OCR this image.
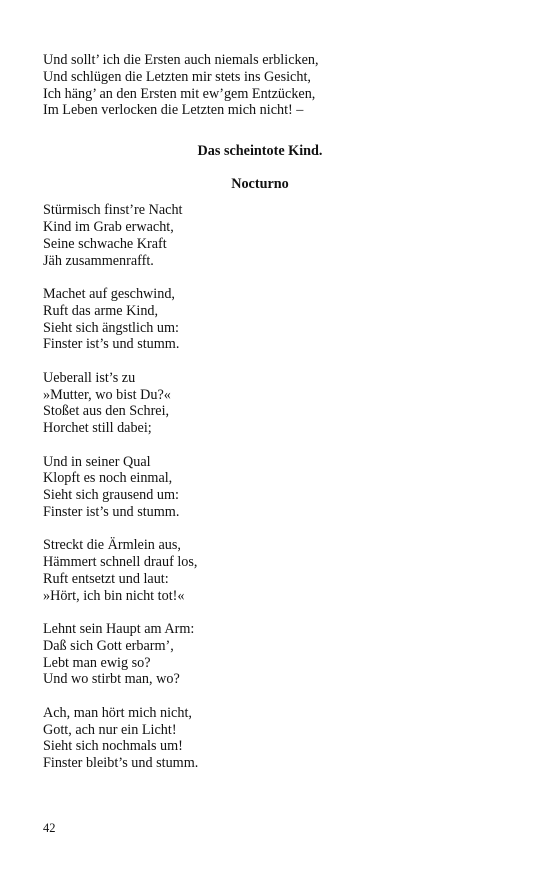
Und sollt’ ich die Ersten auch niemals erblicken,
Und schlügen die Letzten mir stets ins Gesicht,
Ich häng’ an den Ersten mit ew’gem Entzücken,
Im Leben verlocken die Letzten mich nicht! –
Das scheintote Kind.
Nocturno
Stürmisch finst’re Nacht
Kind im Grab erwacht,
Seine schwache Kraft
Jäh zusammenrafft.
Machet auf geschwind,
Ruft das arme Kind,
Sieht sich ängstlich um:
Finster ist’s und stumm.
Ueberall ist’s zu
»Mutter, wo bist Du?«
Stoßet aus den Schrei,
Horchet still dabei;
Und in seiner Qual
Klopft es noch einmal,
Sieht sich grausend um:
Finster ist’s und stumm.
Streckt die Ärmlein aus,
Hämmert schnell drauf los,
Ruft entsetzt und laut:
»Hört, ich bin nicht tot!«
Lehnt sein Haupt am Arm:
Daß sich Gott erbarm’,
Lebt man ewig so?
Und wo stirbt man, wo?
Ach, man hört mich nicht,
Gott, ach nur ein Licht!
Sieht sich nochmals um!
Finster bleibt’s und stumm.
42
